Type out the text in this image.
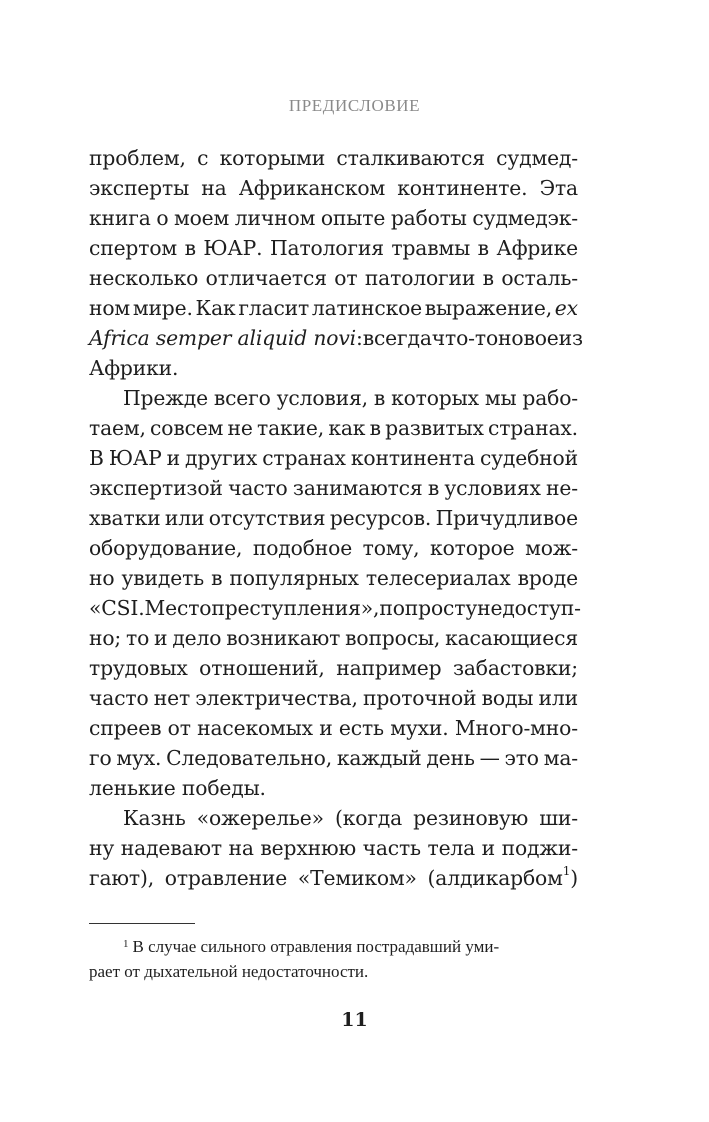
ПРЕДИСЛОВИЕ
проблем, с которыми сталкиваются судмед-
эксперты на Африканском континенте. Эта
книга о моем личном опыте работы судмедэк-
спертом в ЮАР. Патология травмы в Африке
несколько отличается от патологии в осталь-
ном мире. Как гласит латинское выражение, ex
Africa semper aliquid novi: всегда что-то новое из
Африки.
Прежде всего условия, в которых мы рабо-
таем, совсем не такие, как в развитых странах.
В ЮАР и других странах континента судебной
экспертизой часто занимаются в условиях не-
хватки или отсутствия ресурсов. Причудливое
оборудование, подобное тому, которое мож-
но увидеть в популярных телесериалах вроде
«CSI. Место преступления», попросту недоступ-
но; то и дело возникают вопросы, касающиеся
трудовых отношений, например забастовки;
часто нет электричества, проточной воды или
спреев от насекомых и есть мухи. Много-мно-
го мух. Следовательно, каждый день — это ма-
ленькие победы.
Казнь «ожерелье» (когда резиновую ши-
ну надевают на верхнюю часть тела и поджи-
гают), отравление «Темиком» (алдикарбом$^1$)
$^1$ В случае сильного отравления пострадавший уми-
рает от дыхательной недостаточности.
11
